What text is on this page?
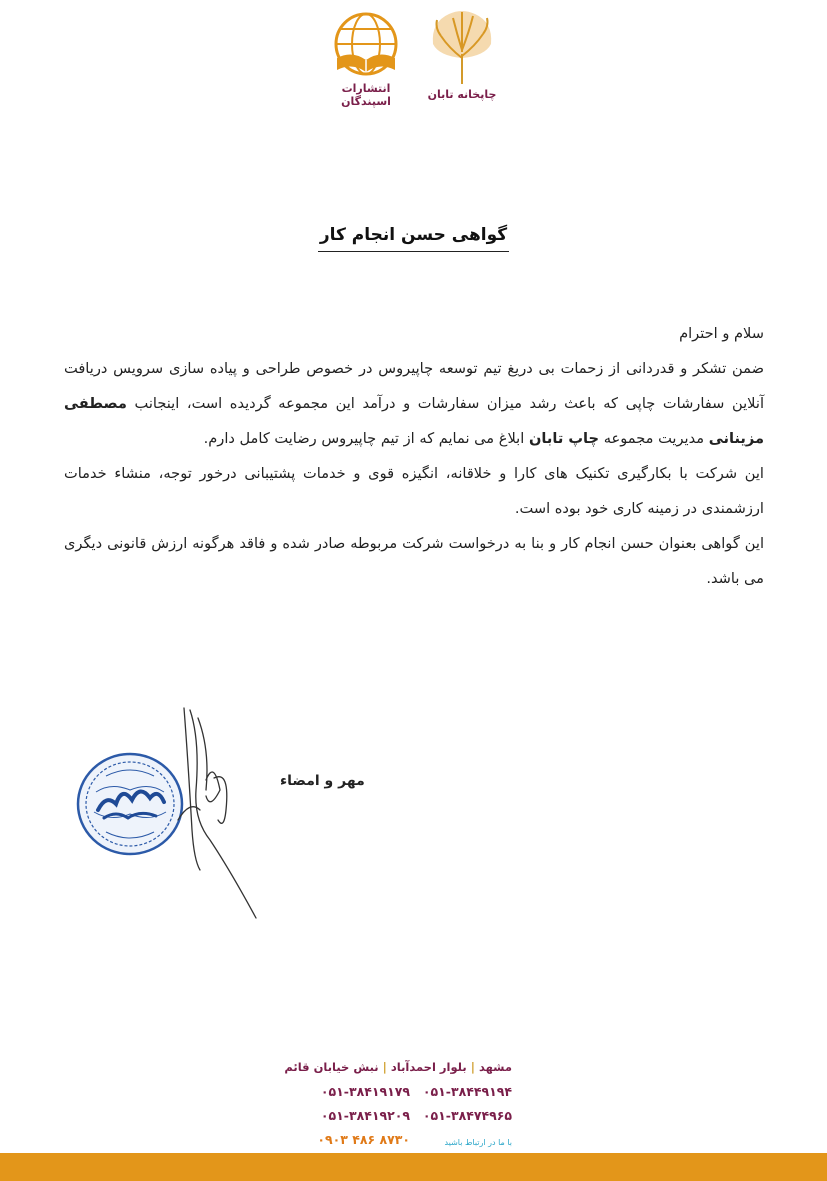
انتشارات اسپندگان
چاپخانه تابان
گواهی حسن انجام کار

سلام و احترام

ضمن تشکر و قدردانی از زحمات بی دریغ تیم توسعه چاپیروس در خصوص طراحی و پیاده سازی سرویس دریافت آنلاین سفارشات چاپی که باعث رشد میزان سفارشات و درآمد این مجموعه گردیده است، اینجانب مصطفی مزینانی مدیریت مجموعه چاپ تابان ابلاغ می نمایم که از تیم چاپیروس رضایت کامل دارم.

این شرکت با بکارگیری تکنیک های کارا و خلاقانه، انگیزه قوی و خدمات پشتیبانی درخور توجه، منشاء خدمات ارزشمندی در زمینه کاری خود بوده است.

این گواهی بعنوان حسن انجام کار و بنا به درخواست شرکت مربوطه صادر شده و فاقد هرگونه ارزش قانونی دیگری می باشد.

مهر و امضاء
مشهد | بلوار احمدآباد | نبش خیابان قائم
۰۵۱-۳۸۴۴۹۱۹۴
۰۵۱-۳۸۴۱۹۱۷۹
۰۵۱-۳۸۴۷۴۹۶۵
۰۵۱-۳۸۴۱۹۲۰۹
۰۹۰۳ ۴۸۶ ۸۷۳۰	با ما در ارتباط باشید
